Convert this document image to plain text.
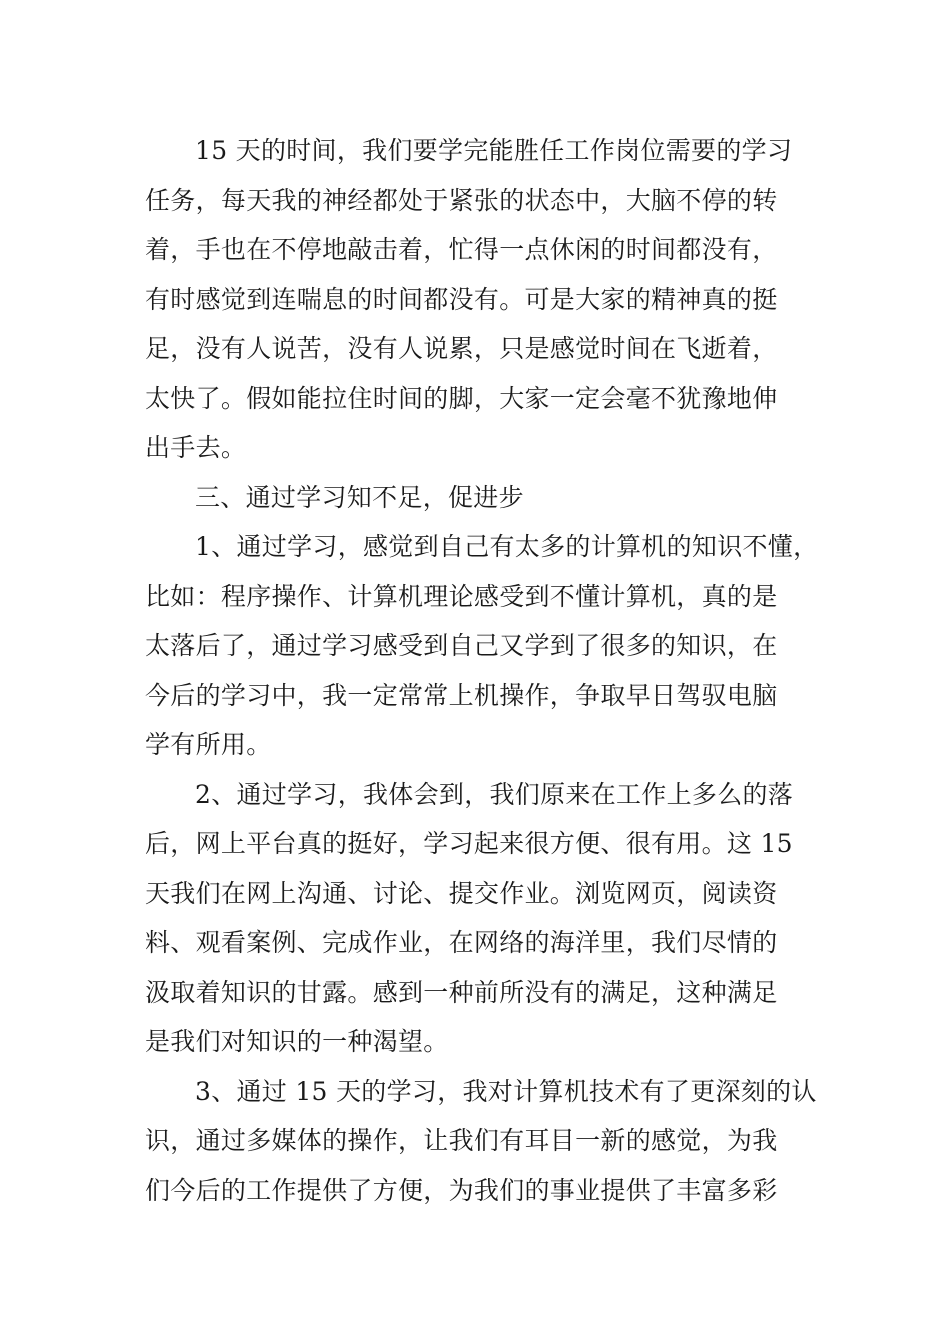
15 天的时间，我们要学完能胜任工作岗位需要的学习
任务，每天我的神经都处于紧张的状态中，大脑不停的转
着，手也在不停地敲击着，忙得一点休闲的时间都没有，
有时感觉到连喘息的时间都没有。可是大家的精神真的挺
足，没有人说苦，没有人说累，只是感觉时间在飞逝着，
太快了。假如能拉住时间的脚，大家一定会毫不犹豫地伸
出手去。
三、通过学习知不足，促进步
1、通过学习，感觉到自己有太多的计算机的知识不懂，
比如：程序操作、计算机理论感受到不懂计算机，真的是
太落后了，通过学习感受到自己又学到了很多的知识，在
今后的学习中，我一定常常上机操作，争取早日驾驭电脑
学有所用。
2、通过学习，我体会到，我们原来在工作上多么的落
后，网上平台真的挺好，学习起来很方便、很有用。这 15
天我们在网上沟通、讨论、提交作业。浏览网页，阅读资
料、观看案例、完成作业，在网络的海洋里，我们尽情的
汲取着知识的甘露。感到一种前所没有的满足，这种满足
是我们对知识的一种渴望。
3、通过 15 天的学习，我对计算机技术有了更深刻的认
识，通过多媒体的操作，让我们有耳目一新的感觉，为我
们今后的工作提供了方便，为我们的事业提供了丰富多彩
